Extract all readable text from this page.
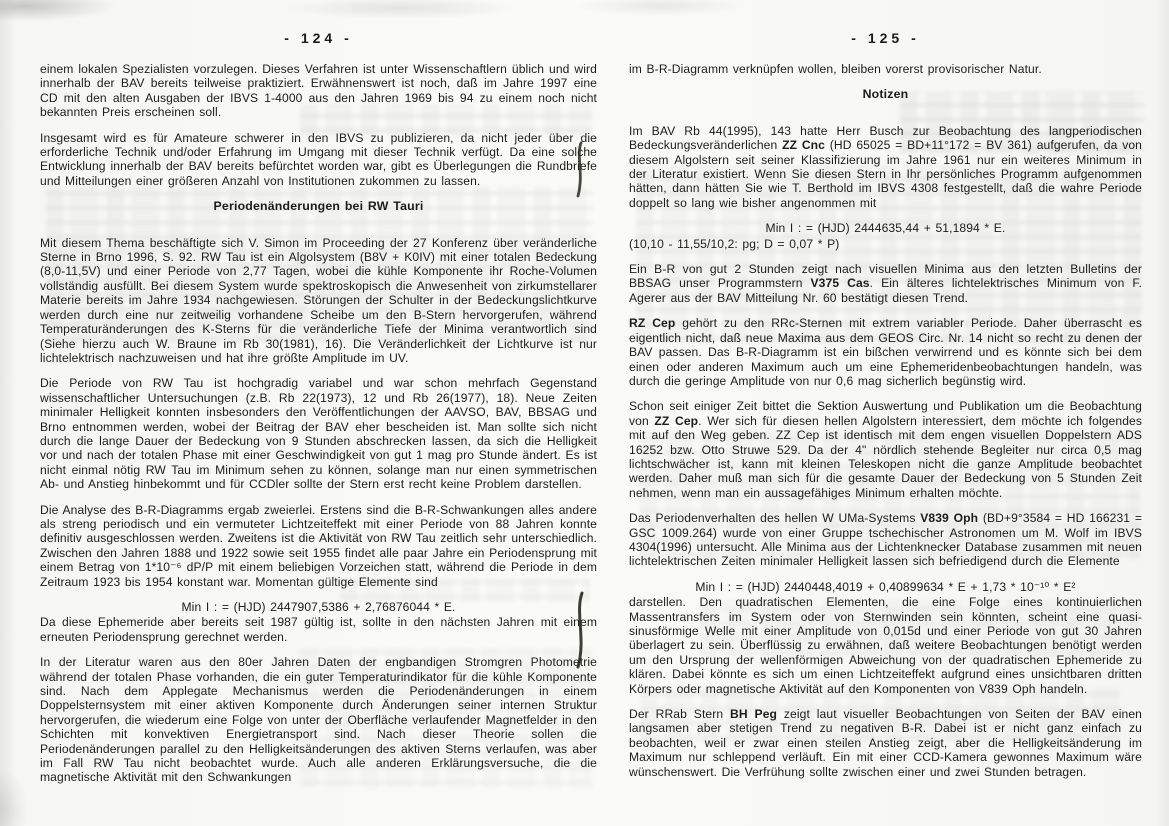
- 124 -

einem lokalen Spezialisten vorzulegen. Dieses Verfahren ist unter Wissenschaftlern üblich und wird innerhalb der BAV bereits teilweise praktiziert. Erwähnenswert ist noch, daß im Jahre 1997 eine CD mit den alten Ausgaben der IBVS 1-4000 aus den Jahren 1969 bis 94 zu einem noch nicht bekannten Preis erscheinen soll.

Insgesamt wird es für Amateure schwerer in den IBVS zu publizieren, da nicht jeder über die erforderliche Technik und/oder Erfahrung im Umgang mit dieser Technik verfügt. Da eine solche Entwicklung innerhalb der BAV bereits befürchtet worden war, gibt es Überlegungen die Rundbriefe und Mitteilungen einer größeren Anzahl von Institutionen zukommen zu lassen.

Periodenänderungen bei RW Tauri

Mit diesem Thema beschäftigte sich V. Simon im Proceeding der 27 Konferenz über veränderliche Sterne in Brno 1996, S. 92. RW Tau ist ein Algolsystem (B8V + K0IV) mit einer totalen Bedeckung (8,0-11,5V) und einer Periode von 2,77 Tagen, wobei die kühle Komponente ihr Roche-Volumen vollständig ausfüllt. Bei diesem System wurde spektroskopisch die Anwesenheit von zirkumstellarer Materie bereits im Jahre 1934 nachgewiesen. Störungen der Schulter in der Bedeckungslichtkurve werden durch eine nur zeitweilig vorhandene Scheibe um den B-Stern hervorgerufen, während Temperaturänderungen des K-Sterns für die veränderliche Tiefe der Minima verantwortlich sind (Siehe hierzu auch W. Braune im Rb 30(1981), 16). Die Veränderlichkeit der Lichtkurve ist nur lichtelektrisch nachzuweisen und hat ihre größte Amplitude im UV.

Die Periode von RW Tau ist hochgradig variabel und war schon mehrfach Gegenstand wissenschaftlicher Untersuchungen (z.B. Rb 22(1973), 12 und Rb 26(1977), 18). Neue Zeiten minimaler Helligkeit konnten insbesonders den Veröffentlichungen der AAVSO, BAV, BBSAG und Brno entnommen werden, wobei der Beitrag der BAV eher bescheiden ist. Man sollte sich nicht durch die lange Dauer der Bedeckung von 9 Stunden abschrecken lassen, da sich die Helligkeit vor und nach der totalen Phase mit einer Geschwindigkeit von gut 1 mag pro Stunde ändert. Es ist nicht einmal nötig RW Tau im Minimum sehen zu können, solange man nur einen symmetrischen Ab- und Anstieg hinbekommt und für CCDler sollte der Stern erst recht keine Problem darstellen.

Die Analyse des B-R-Diagramms ergab zweierlei. Erstens sind die B-R-Schwankungen alles andere als streng periodisch und ein vermuteter Lichtzeiteffekt mit einer Periode von 88 Jahren konnte definitiv ausgeschlossen werden. Zweitens ist die Aktivität von RW Tau zeitlich sehr unterschiedlich. Zwischen den Jahren 1888 und 1922 sowie seit 1955 findet alle paar Jahre ein Periodensprung mit einem Betrag von 1*10⁻⁶ dP/P mit einem beliebigen Vorzeichen statt, während die Periode in dem Zeitraum 1923 bis 1954 konstant war. Momentan gültige Elemente sind

Min I : = (HJD) 2447907,5386 + 2,76876044 * E.

Da diese Ephemeride aber bereits seit 1987 gültig ist, sollte in den nächsten Jahren mit einem erneuten Periodensprung gerechnet werden.

In der Literatur waren aus den 80er Jahren Daten der engbandigen Stromgren Photometrie während der totalen Phase vorhanden, die ein guter Temperaturindikator für die kühle Komponente sind. Nach dem Applegate Mechanismus werden die Periodenänderungen in einem Doppelsternsystem mit einer aktiven Komponente durch Änderungen seiner internen Struktur hervorgerufen, die wiederum eine Folge von unter der Oberfläche verlaufender Magnetfelder in den Schichten mit konvektiven Energietransport sind. Nach dieser Theorie sollen die Periodenänderungen parallel zu den Helligkeitsänderungen des aktiven Sterns verlaufen, was aber im Fall RW Tau nicht beobachtet wurde. Auch alle anderen Erklärungsversuche, die die magnetische Aktivität mit den Schwankungen

- 125 -

im B-R-Diagramm verknüpfen wollen, bleiben vorerst provisorischer Natur.

Notizen

Im BAV Rb 44(1995), 143 hatte Herr Busch zur Beobachtung des langperiodischen Bedeckungsveränderlichen ZZ Cnc (HD 65025 = BD+11°172 = BV 361) aufgerufen, da von diesem Algolstern seit seiner Klassifizierung im Jahre 1961 nur ein weiteres Minimum in der Literatur existiert. Wenn Sie diesen Stern in Ihr persönliches Programm aufgenommen hätten, dann hätten Sie wie T. Berthold im IBVS 4308 festgestellt, daß die wahre Periode doppelt so lang wie bisher angenommen mit

Min I : = (HJD) 2444635,44 + 51,1894 * E.

(10,10 - 11,55/10,2: pg; D = 0,07 * P)

Ein B-R von gut 2 Stunden zeigt nach visuellen Minima aus den letzten Bulletins der BBSAG unser Programmstern V375 Cas. Ein älteres lichtelektrisches Minimum von F. Agerer aus der BAV Mitteilung Nr. 60 bestätigt diesen Trend.

RZ Cep gehört zu den RRc-Sternen mit extrem variabler Periode. Daher überrascht es eigentlich nicht, daß neue Maxima aus dem GEOS Circ. Nr. 14 nicht so recht zu denen der BAV passen. Das B-R-Diagramm ist ein bißchen verwirrend und es könnte sich bei dem einen oder anderen Maximum auch um eine Ephemeridenbeobachtungen handeln, was durch die geringe Amplitude von nur 0,6 mag sicherlich begünstig wird.

Schon seit einiger Zeit bittet die Sektion Auswertung und Publikation um die Beobachtung von ZZ Cep. Wer sich für diesen hellen Algolstern interessiert, dem möchte ich folgendes mit auf den Weg geben. ZZ Cep ist identisch mit dem engen visuellen Doppelstern ADS 16252 bzw. Otto Struwe 529. Da der 4" nördlich stehende Begleiter nur circa 0,5 mag lichtschwächer ist, kann mit kleinen Teleskopen nicht die ganze Amplitude beobachtet werden. Daher muß man sich für die gesamte Dauer der Bedeckung von 5 Stunden Zeit nehmen, wenn man ein aussagefähiges Minimum erhalten möchte.

Das Periodenverhalten des hellen W UMa-Systems V839 Oph (BD+9°3584 = HD 166231 = GSC 1009.264) wurde von einer Gruppe tschechischer Astronomen um M. Wolf im IBVS 4304(1996) untersucht. Alle Minima aus der Lichtenknecker Database zusammen mit neuen lichtelektrischen Zeiten minimaler Helligkeit lassen sich befriedigend durch die Elemente

Min I : = (HJD) 2440448,4019 + 0,40899634 * E + 1,73 * 10⁻¹⁰ * E²

darstellen. Den quadratischen Elementen, die eine Folge eines kontinuierlichen Massentransfers im System oder von Sternwinden sein könnten, scheint eine quasi-sinusförmige Welle mit einer Amplitude von 0,015d und einer Periode von gut 30 Jahren überlagert zu sein. Überflüssig zu erwähnen, daß weitere Beobachtungen benötigt werden um den Ursprung der wellenförmigen Abweichung von der quadratischen Ephemeride zu klären. Dabei könnte es sich um einen Lichtzeiteffekt aufgrund eines unsichtbaren dritten Körpers oder magnetische Aktivität auf den Komponenten von V839 Oph handeln.

Der RRab Stern BH Peg zeigt laut visueller Beobachtungen von Seiten der BAV einen langsamen aber stetigen Trend zu negativen B-R. Dabei ist er nicht ganz einfach zu beobachten, weil er zwar einen steilen Anstieg zeigt, aber die Helligkeitsänderung im Maximum nur schleppend verläuft. Ein mit einer CCD-Kamera gewonnes Maximum wäre wünschenswert. Die Verfrühung sollte zwischen einer und zwei Stunden betragen.
